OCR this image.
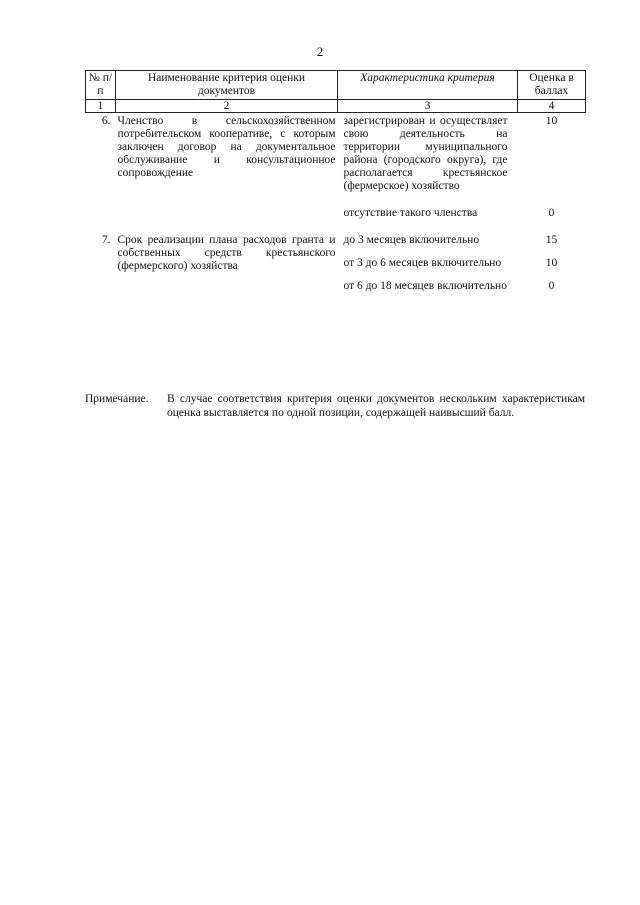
2
№ п/п	Наименование критерия оценки документов	Характеристика критерия	Оценка в баллах
1	2	3	4
6.	Членство в сельскохозяйственном потребительском кооперативе, с которым заключен договор на документальное обслуживание и консультационное сопровождение	зарегистрирован и осуществляет свою деятельность на территории муниципального района (городского округа), где располагается крестьянское (фермерское) хозяйство	10
		отсутствие такого членства	0
7.	Срок реализации плана расходов гранта и собственных средств крестьянского (фермерского) хозяйства	до 3 месяцев включительно	15
		от 3 до 6 месяцев включительно	10
		от 6 до 18 месяцев включительно	0
Примечание.	В случае соответствия критерия оценки документов нескольким характеристикам оценка выставляется по одной позиции, содержащей наивысший балл.
